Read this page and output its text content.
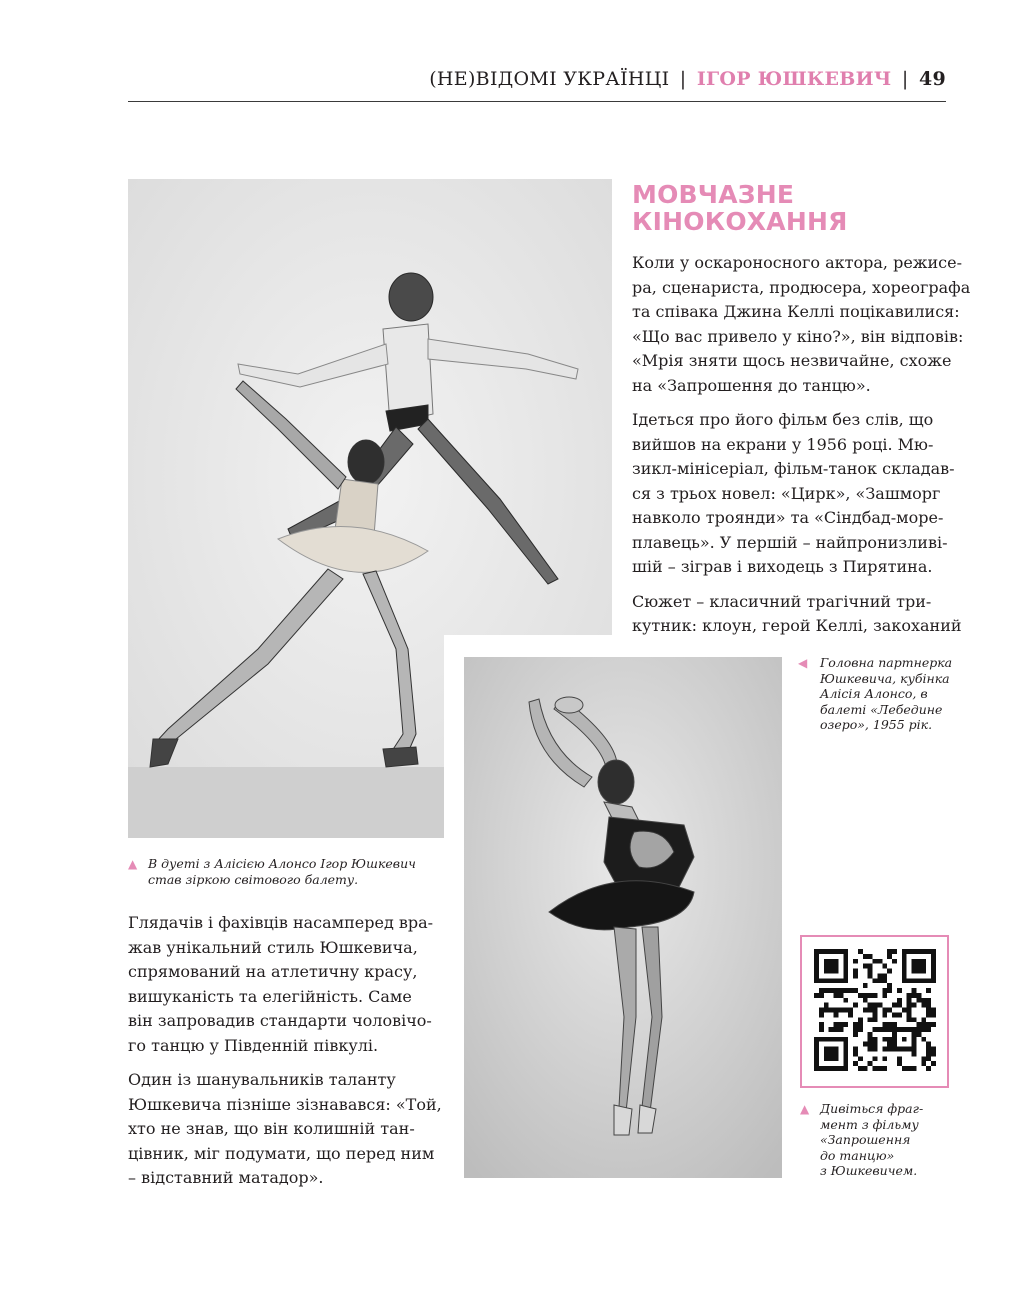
(НЕ)ВІДОМІ УКРАЇНЦІ | ІГОР ЮШКЕВИЧ | 49
МОВЧАЗНЕ
КІНОКОХАННЯ

Коли у оскароносного актора, режисе-
ра, сценариста, продюсера, хореографа
та співака Джина Келлі поцікавилися:
«Що вас привело у кіно?», він відповів:
«Мрія зняти щось незвичайне, схоже
на «Запрошення до танцю».

Ідеться про його фільм без слів, що
вийшов на екрани у 1956 році. Мю-
зикл-мінісеріал, фільм-танок складав-
ся з трьох новел: «Цирк», «Зашморг
навколо троянди» та «Сіндбад-море-
плавець». У першій – найпронизливі-
шій – зіграв і виходець з Пирятина.

Сюжет – класичний трагічний три-
кутник: клоун, герой Келлі, закоханий

▲ В дуеті з Алісією Алонсо Ігор Юшкевич
став зіркою світового балету.
◀ Головна партнерка
Юшкевича, кубінка
Алісія Алонсо, в
балеті «Лебедине
озеро», 1955 рік.

Глядачів і фахівців насамперед вра-
жав унікальний стиль Юшкевича,
спрямований на атлетичну красу,
вишуканість та елегійність. Саме
він запровадив стандарти чоловічо-
го танцю у Південній півкулі.

Один із шанувальників таланту
Юшкевича пізніше зізнавався: «Той,
хто не знав, що він колишній тан-
цівник, міг подумати, що перед ним
– відставний матадор».

▲ Дивіться фраг-
мент з фільму
«Запрошення
до танцю»
з Юшкевичем.
